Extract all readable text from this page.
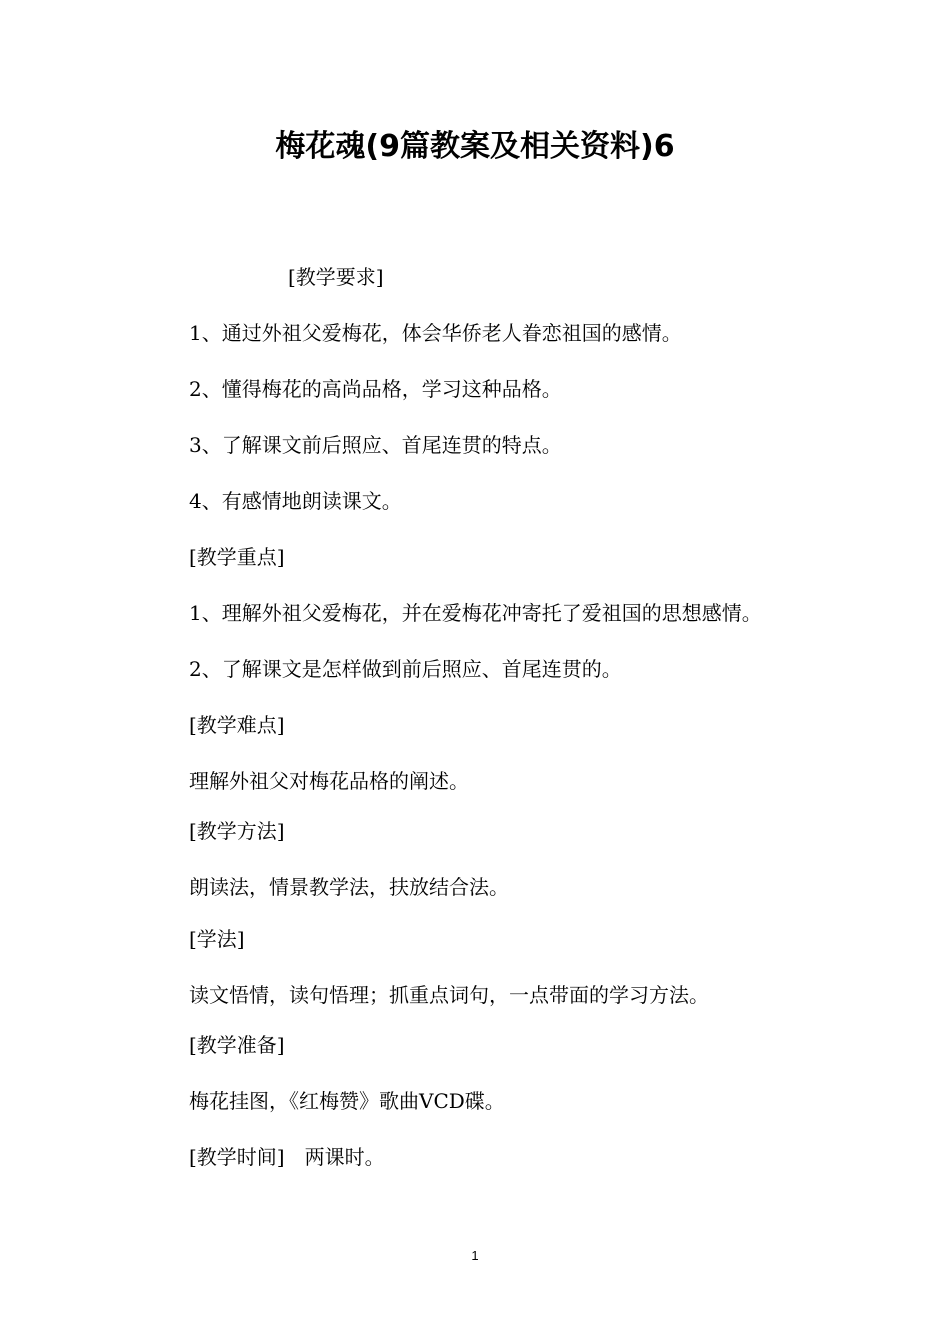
梅花魂(9篇教案及相关资料)6

[教学要求]

1、通过外祖父爱梅花，体会华侨老人眷恋祖国的感情。

2、懂得梅花的高尚品格，学习这种品格。

3、了解课文前后照应、首尾连贯的特点。

4、有感情地朗读课文。

[教学重点]

1、理解外祖父爱梅花，并在爱梅花冲寄托了爱祖国的思想感情。

2、了解课文是怎样做到前后照应、首尾连贯的。

[教学难点]

理解外祖父对梅花品格的阐述。

[教学方法]

朗读法，情景教学法，扶放结合法。

[学法]

读文悟情，读句悟理；抓重点词句，一点带面的学习方法。

[教学准备]

梅花挂图，《红梅赞》歌曲VCD碟。

[教学时间]　两课时。

1
